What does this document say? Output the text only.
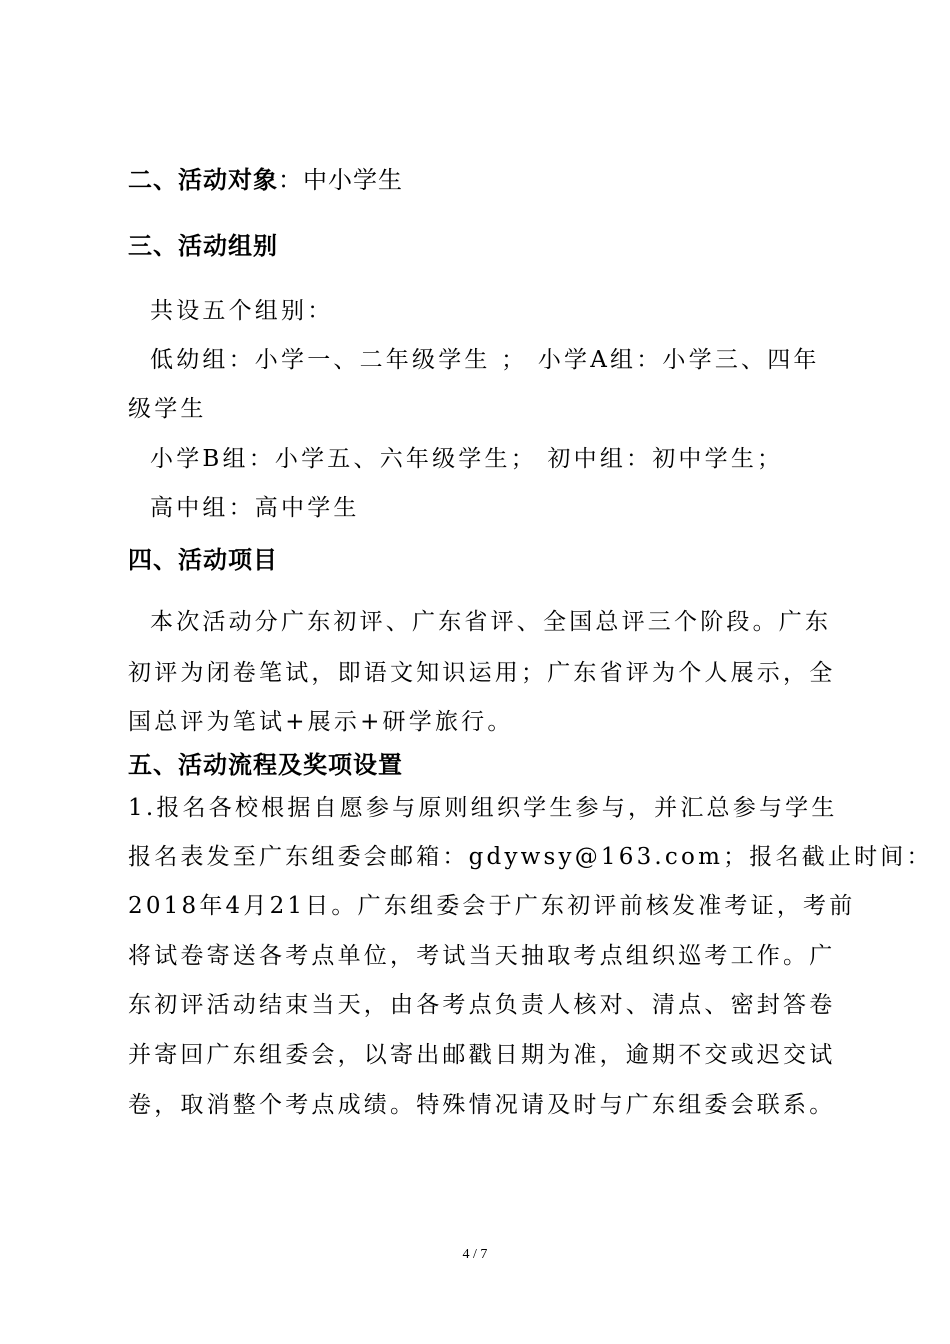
二、活动对象：中小学生
三、活动组别
共设五个组别：
低幼组：小学一、二年级学生 ； 小学A组：小学三、四年
级学生
小学B组：小学五、六年级学生； 初中组：初中学生；
高中组：高中学生
四、活动项目
本次活动分广东初评、广东省评、全国总评三个阶段。广东
初评为闭卷笔试，即语文知识运用；广东省评为个人展示，全
国总评为笔试+展示+研学旅行。
五、活动流程及奖项设置
1.报名各校根据自愿参与原则组织学生参与，并汇总参与学生
报名表发至广东组委会邮箱：gdywsy@163.com；报名截止时间：
2018年4月21日。广东组委会于广东初评前核发准考证，考前
将试卷寄送各考点单位，考试当天抽取考点组织巡考工作。广
东初评活动结束当天，由各考点负责人核对、清点、密封答卷
并寄回广东组委会，以寄出邮戳日期为准，逾期不交或迟交试
卷，取消整个考点成绩。特殊情况请及时与广东组委会联系。
4 / 7
